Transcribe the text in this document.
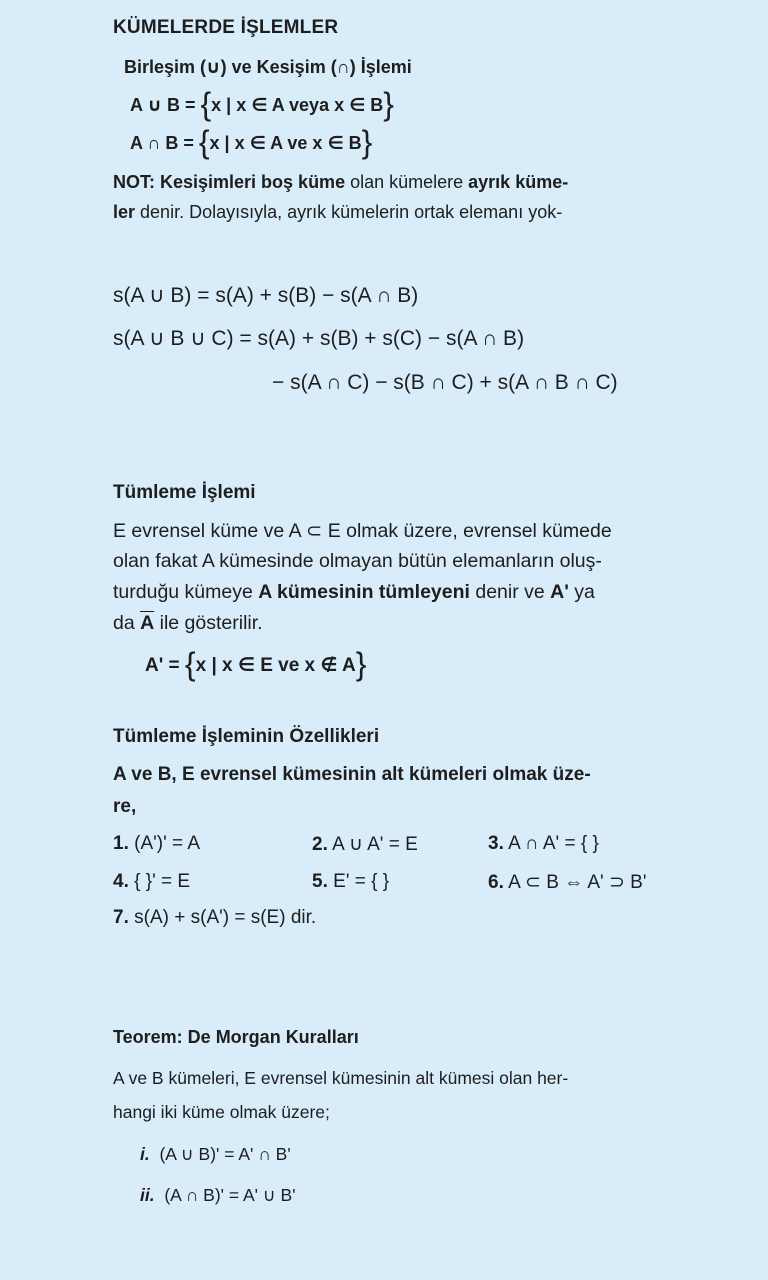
KÜMELERDE İŞLEMLER
Birleşim (∪) ve Kesişim (∩) İşlemi
A ∪ B = {x | x ∈ A veya x ∈ B}
A ∩ B = {x | x ∈ A ve x ∈ B}
NOT: Kesişimleri boş küme olan kümelere ayrık küme-
ler denir. Dolayısıyla, ayrık kümelerin ortak elemanı yok-
s(A ∪ B) = s(A) + s(B) − s(A ∩ B)
s(A ∪ B ∪ C) = s(A) + s(B) + s(C) − s(A ∩ B)
− s(A ∩ C) − s(B ∩ C) + s(A ∩ B ∩ C)
Tümleme İşlemi
E evrensel küme ve A ⊂ E olmak üzere, evrensel kümede
olan fakat A kümesinde olmayan bütün elemanların oluş-
turduğu kümeye A kümesinin tümleyeni denir ve A' ya
da $\overline{A}$ ile gösterilir.
A' = {x | x ∈ E ve x ∉ A}
Tümleme İşleminin Özellikleri
A ve B, E evrensel kümesinin alt kümeleri olmak üze-
re,
1. (A')' = A	2. A ∪ A' = E	3. A ∩ A' = { }
4. { }' = E	5. E' = { }	6. A ⊂ B ⇔ A' ⊃ B'
7. s(A) + s(A') = s(E) dir.
Teorem: De Morgan Kuralları
A ve B kümeleri, E evrensel kümesinin alt kümesi olan her-
hangi iki küme olmak üzere;
i. (A ∪ B)' = A' ∩ B'
ii. (A ∩ B)' = A' ∪ B'
